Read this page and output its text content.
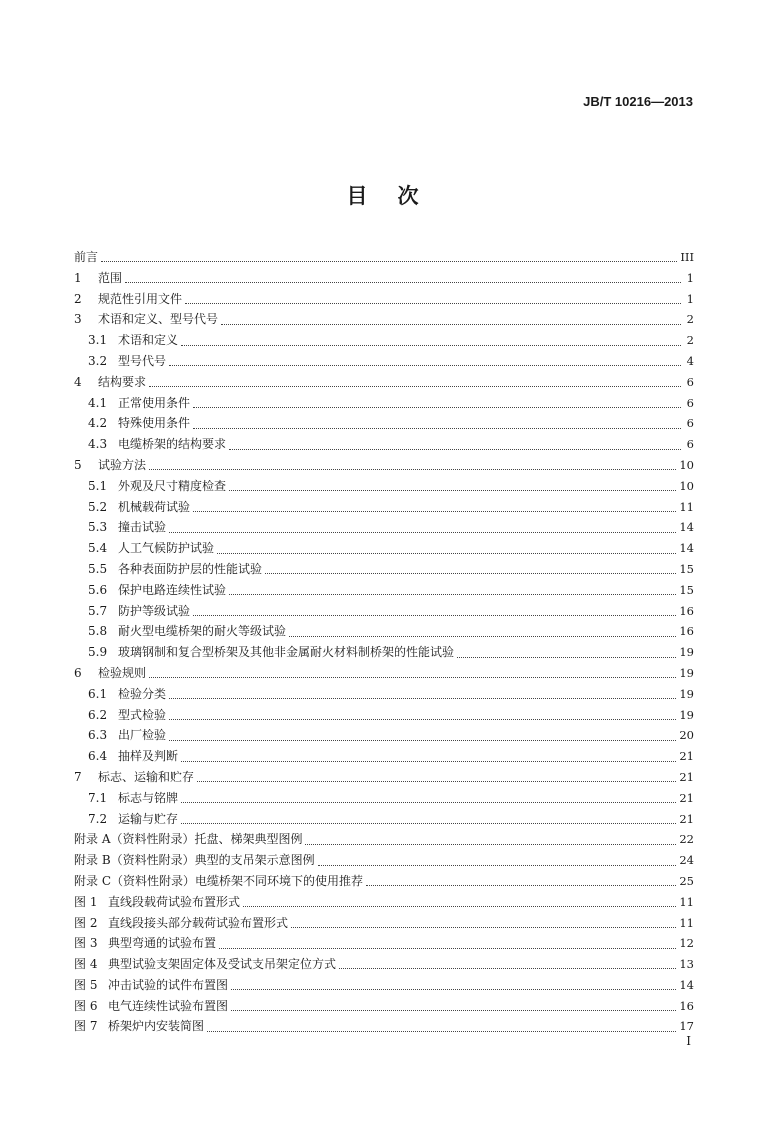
JB/T 10216—2013
目次
前言	III
1	范围	1
2	规范性引用文件	1
3	术语和定义、型号代号	2
3.1 术语和定义	2
3.2 型号代号	4
4	结构要求	6
4.1 正常使用条件	6
4.2 特殊使用条件	6
4.3 电缆桥架的结构要求	6
5	试验方法	10
5.1 外观及尺寸精度检查	10
5.2 机械载荷试验	11
5.3 撞击试验	14
5.4 人工气候防护试验	14
5.5 各种表面防护层的性能试验	15
5.6 保护电路连续性试验	15
5.7 防护等级试验	16
5.8 耐火型电缆桥架的耐火等级试验	16
5.9 玻璃钢制和复合型桥架及其他非金属耐火材料制桥架的性能试验	19
6	检验规则	19
6.1 检验分类	19
6.2 型式检验	19
6.3 出厂检验	20
6.4 抽样及判断	21
7	标志、运输和贮存	21
7.1 标志与铭牌	21
7.2 运输与贮存	21
附录 A（资料性附录）托盘、梯架典型图例	22
附录 B（资料性附录）典型的支吊架示意图例	24
附录 C（资料性附录）电缆桥架不同环境下的使用推荐	25
图 1 直线段载荷试验布置形式	11
图 2 直线段接头部分载荷试验布置形式	11
图 3 典型弯通的试验布置	12
图 4 典型试验支架固定体及受试支吊架定位方式	13
图 5 冲击试验的试件布置图	14
图 6 电气连续性试验布置图	16
图 7 桥架炉内安装简图	17
I
